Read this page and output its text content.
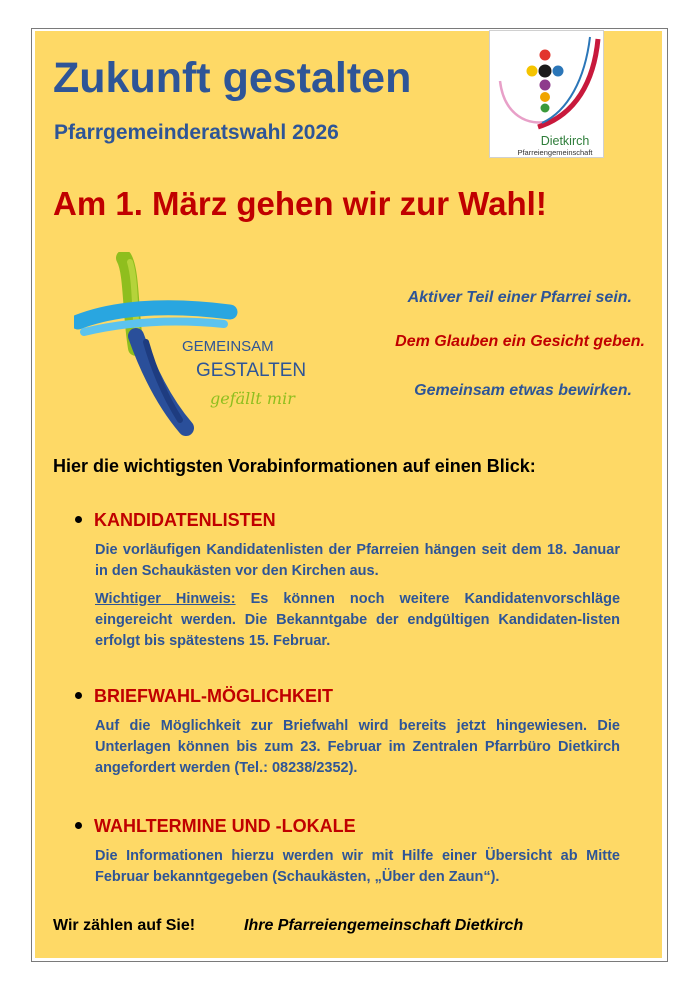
Zukunft gestalten
Pfarrgemeinderatswahl 2026	Dietkirch
Pfarreiengemeinschaft
Am 1. März gehen wir zur Wahl!
GEMEINSAM
GESTALTEN
gefällt mir

Aktiver Teil einer Pfarrei sein.

Dem Glauben ein Gesicht geben.

Gemeinsam etwas bewirken.

Hier die wichtigsten Vorabinformationen auf einen Blick:

KANDIDATENLISTEN

Die vorläufigen Kandidatenlisten der Pfarreien hängen seit dem 18. Januar in den Schaukästen vor den Kirchen aus.

Wichtiger Hinweis: Es können noch weitere Kandidatenvorschläge eingereicht werden. Die Bekanntgabe der endgültigen Kandidaten-listen erfolgt bis spätestens 15. Februar.

BRIEFWAHL-MÖGLICHKEIT

Auf die Möglichkeit zur Briefwahl wird bereits jetzt hingewiesen. Die Unterlagen können bis zum 23. Februar im Zentralen Pfarrbüro Dietkirch angefordert werden (Tel.: 08238/2352).

WAHLTERMINE UND -LOKALE

Die Informationen hierzu werden wir mit Hilfe einer Übersicht ab Mitte Februar bekanntgegeben (Schaukästen, „Über den Zaun“).

Wir zählen auf Sie!	Ihre Pfarreiengemeinschaft Dietkirch
